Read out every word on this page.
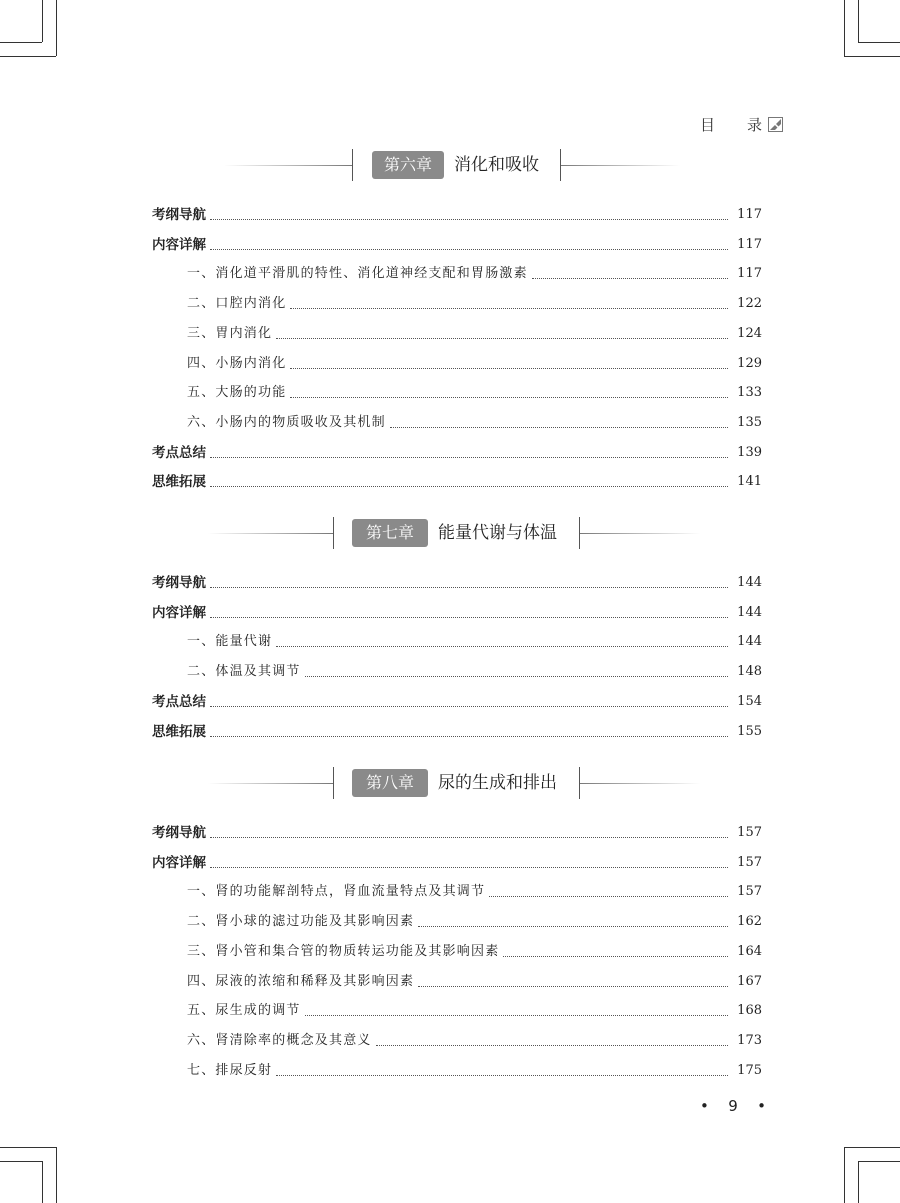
目 录
第六章	消化和吸收
考纲导航	117
内容详解	117
一、消化道平滑肌的特性、消化道神经支配和胃肠激素	117
二、口腔内消化	122
三、胃内消化	124
四、小肠内消化	129
五、大肠的功能	133
六、小肠内的物质吸收及其机制	135
考点总结	139
思维拓展	141
第七章	能量代谢与体温
考纲导航	144
内容详解	144
一、能量代谢	144
二、体温及其调节	148
考点总结	154
思维拓展	155
第八章	尿的生成和排出
考纲导航	157
内容详解	157
一、肾的功能解剖特点，肾血流量特点及其调节	157
二、肾小球的滤过功能及其影响因素	162
三、肾小管和集合管的物质转运功能及其影响因素	164
四、尿液的浓缩和稀释及其影响因素	167
五、尿生成的调节	168
六、肾清除率的概念及其意义	173
七、排尿反射	175
• 9 •
